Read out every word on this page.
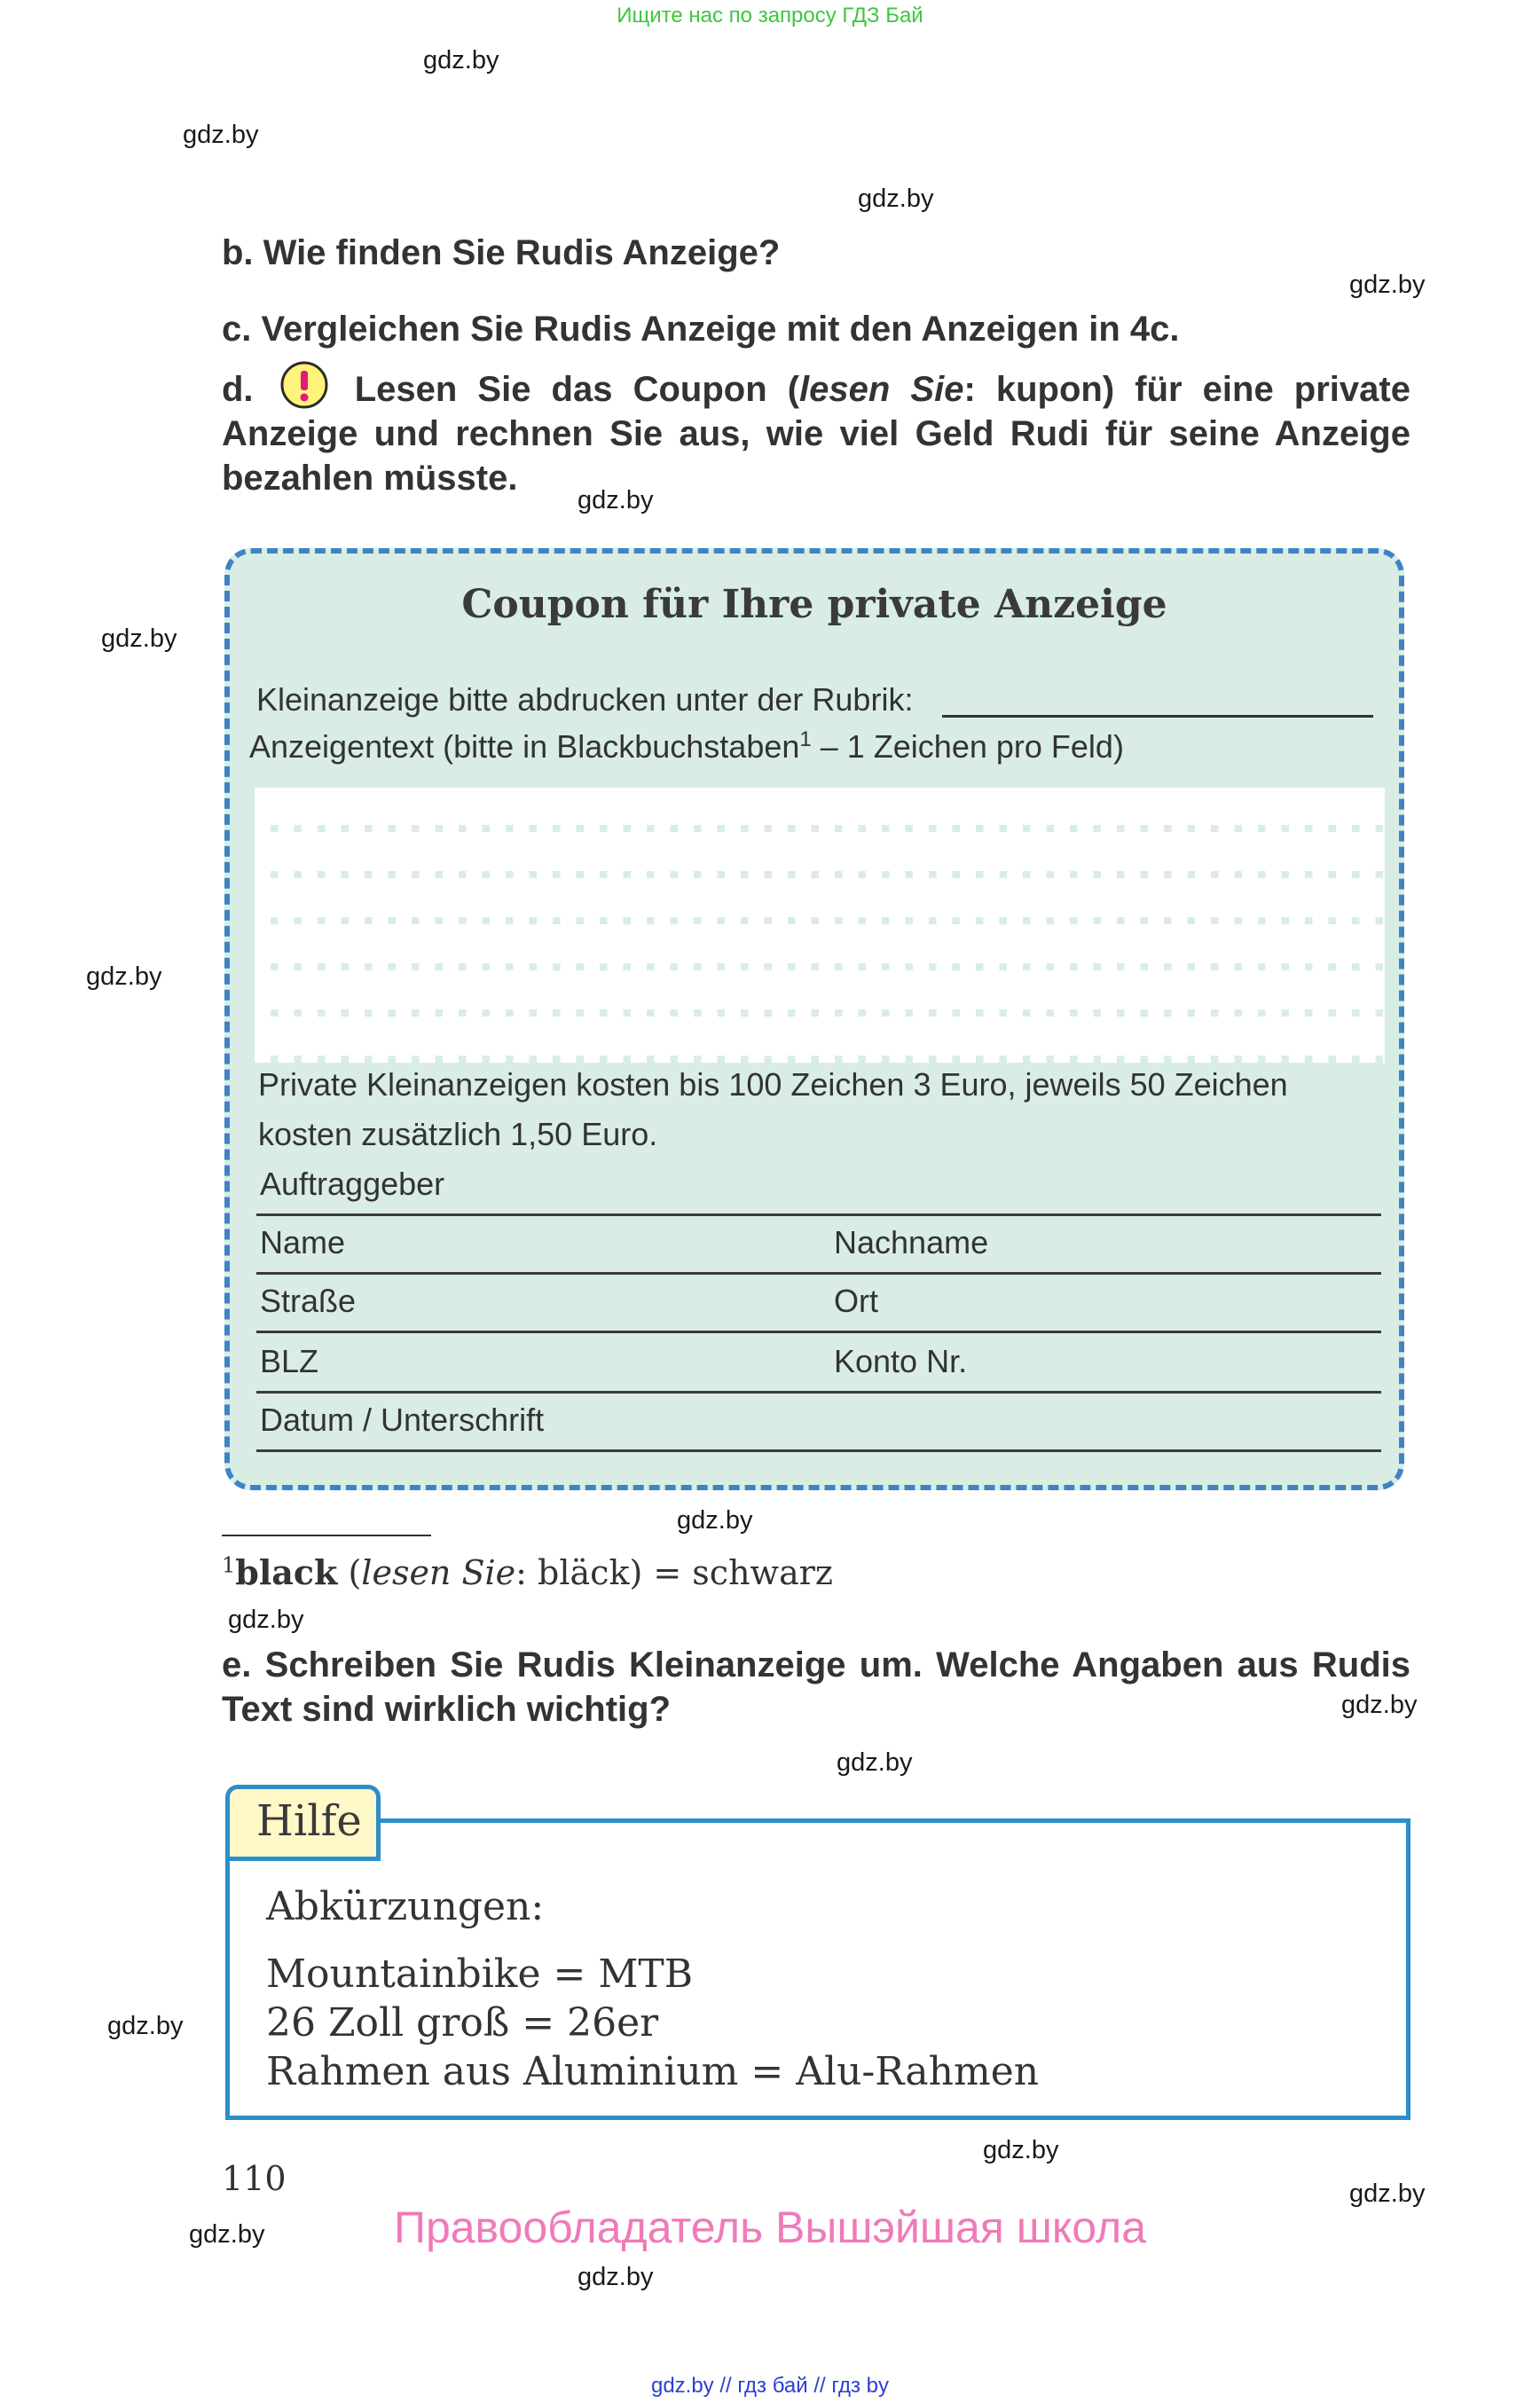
Ищите нас по запросу ГДЗ Бай
gdz.by
gdz.by
gdz.by
gdz.by
gdz.by
gdz.by
gdz.by
gdz.by
gdz.by
gdz.by
gdz.by
gdz.by
gdz.by
gdz.by
gdz.by
gdz.by
b. Wie finden Sie Rudis Anzeige?
c. Vergleichen Sie Rudis Anzeige mit den Anzeigen in 4c.
d.	Lesen Sie das Coupon (lesen Sie: kupon) für eine private Anzeige und rechnen Sie aus, wie viel Geld Rudi für seine Anzeige bezahlen müsste.
Coupon für Ihre private Anzeige
Kleinanzeige bitte abdrucken unter der Rubrik:
Anzeigentext (bitte in Blackbuchstaben$^1$ – 1 Zeichen pro Feld)
Private Kleinanzeigen kosten bis 100 Zeichen 3 Euro, jeweils 50 Zeichen
kosten zusätzlich 1,50 Euro.
Auftraggeber
Name	Nachname
Straße	Ort
BLZ	Konto Nr.
Datum / Unterschrift
$^1$black (lesen Sie: bläck) = schwarz
e. Schreiben Sie Rudis Kleinanzeige um. Welche Angaben aus Rudis Text sind wirklich wichtig?
Hilfe
Abkürzungen:
Mountainbike = MTB
26 Zoll groß = 26er
Rahmen aus Aluminium = Alu-Rahmen
110
Правообладатель Вышэйшая школа
gdz.by // гдз бай // гдз by
